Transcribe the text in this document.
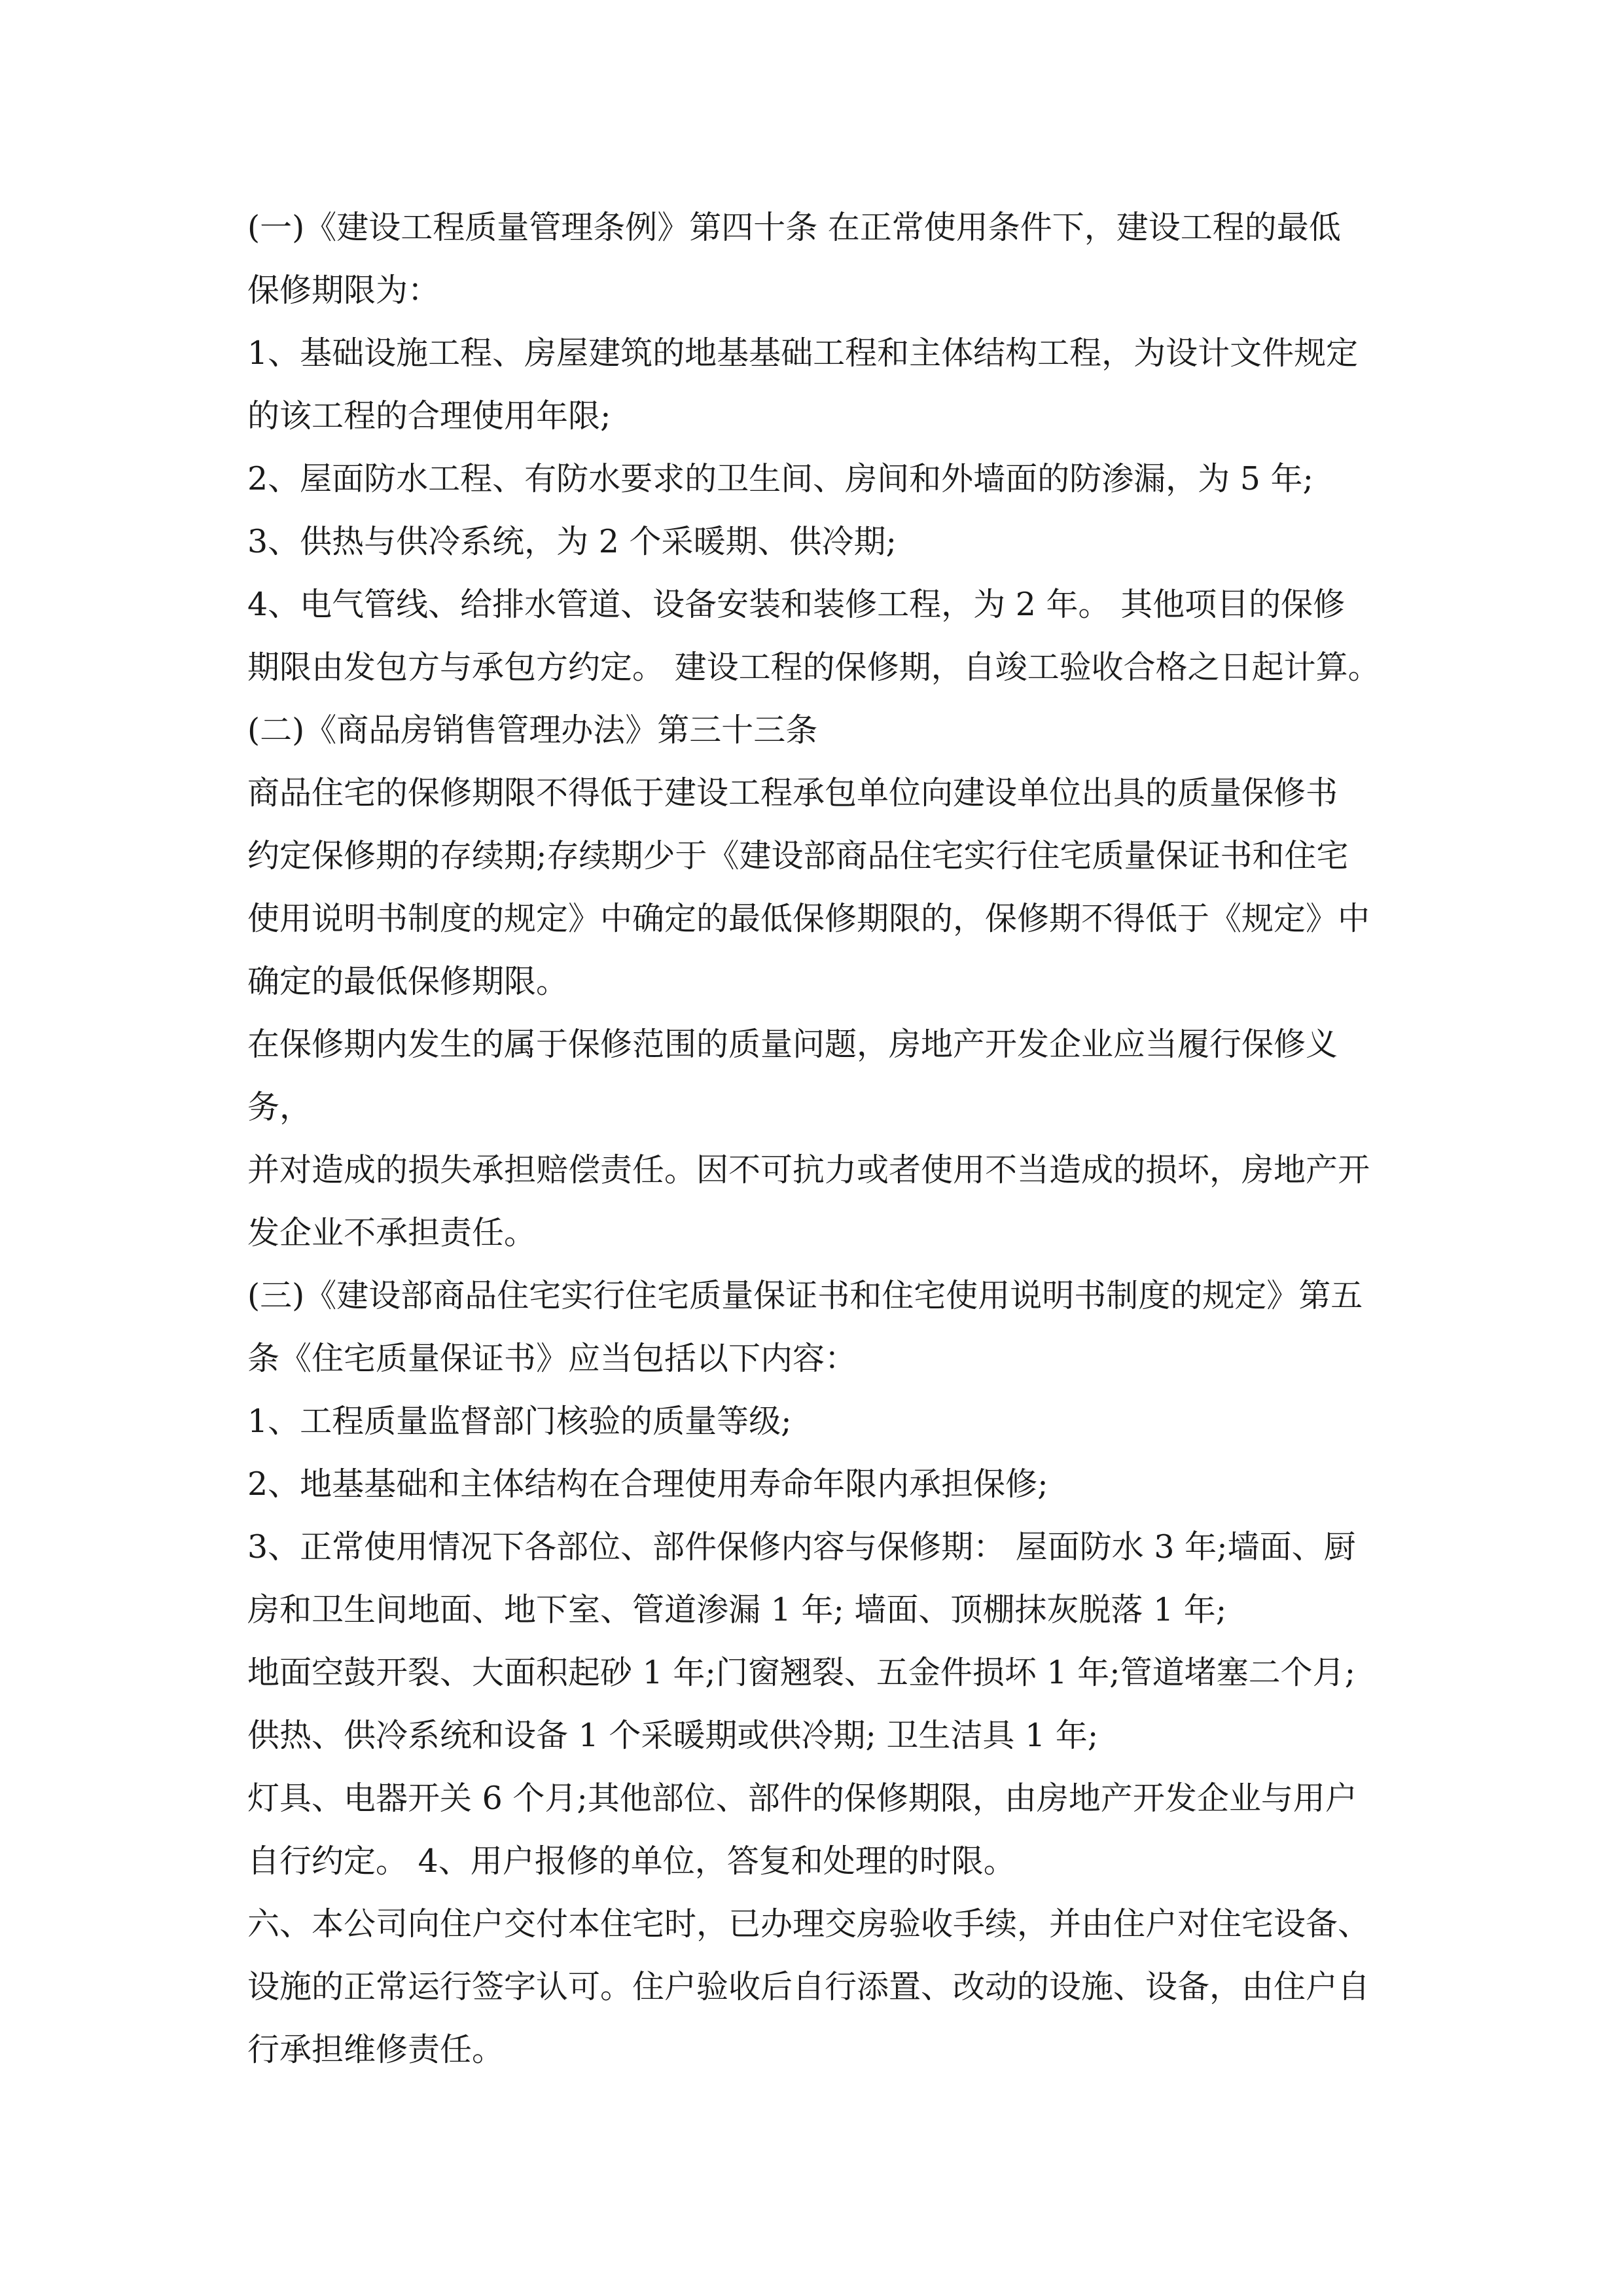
(一)《建设工程质量管理条例》第四十条 在正常使用条件下，建设工程的最低

保修期限为：

1、基础设施工程、房屋建筑的地基基础工程和主体结构工程，为设计文件规定

的该工程的合理使用年限;

2、屋面防水工程、有防水要求的卫生间、房间和外墙面的防渗漏，为 5 年;

3、供热与供冷系统，为 2 个采暖期、供冷期;

4、电气管线、给排水管道、设备安装和装修工程，为 2 年。 其他项目的保修

期限由发包方与承包方约定。 建设工程的保修期，自竣工验收合格之日起计算。

(二)《商品房销售管理办法》第三十三条

商品住宅的保修期限不得低于建设工程承包单位向建设单位出具的质量保修书

约定保修期的存续期;存续期少于《建设部商品住宅实行住宅质量保证书和住宅

使用说明书制度的规定》中确定的最低保修期限的，保修期不得低于《规定》中

确定的最低保修期限。

在保修期内发生的属于保修范围的质量问题，房地产开发企业应当履行保修义务，

并对造成的损失承担赔偿责任。因不可抗力或者使用不当造成的损坏，房地产开

发企业不承担责任。

(三)《建设部商品住宅实行住宅质量保证书和住宅使用说明书制度的规定》第五

条《住宅质量保证书》应当包括以下内容：

1、工程质量监督部门核验的质量等级;

2、地基基础和主体结构在合理使用寿命年限内承担保修;

3、正常使用情况下各部位、部件保修内容与保修期： 屋面防水 3 年;墙面、厨

房和卫生间地面、地下室、管道渗漏 1 年; 墙面、顶棚抹灰脱落 1 年;

地面空鼓开裂、大面积起砂 1 年;门窗翘裂、五金件损坏 1 年;管道堵塞二个月;

供热、供冷系统和设备 1 个采暖期或供冷期; 卫生洁具 1 年;

灯具、电器开关 6 个月;其他部位、部件的保修期限，由房地产开发企业与用户

自行约定。 4、用户报修的单位，答复和处理的时限。

六、本公司向住户交付本住宅时，已办理交房验收手续，并由住户对住宅设备、

设施的正常运行签字认可。住户验收后自行添置、改动的设施、设备，由住户自

行承担维修责任。
